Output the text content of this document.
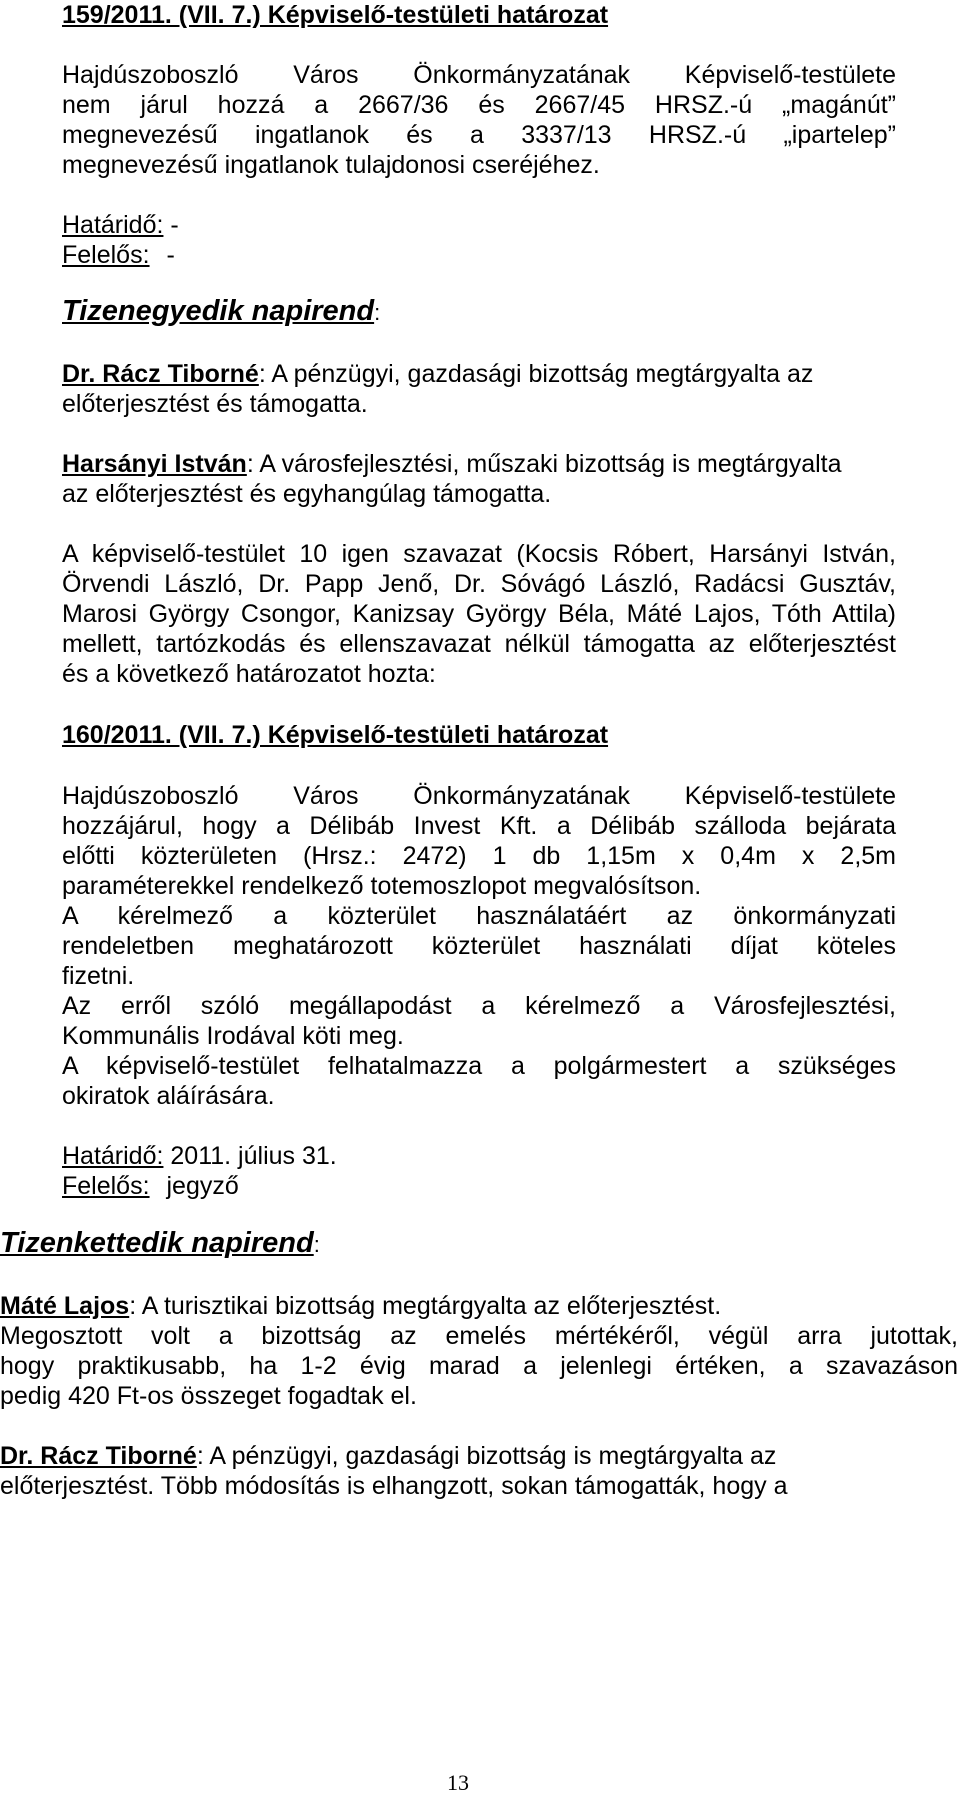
159/2011. (VII. 7.) Képviselő-testületi határozat
Hajdúszoboszló Város Önkormányzatának Képviselő-testülete
nem járul hozzá a 2667/36 és 2667/45 HRSZ.-ú „magánút”
megnevezésű ingatlanok és a 3337/13 HRSZ.-ú „ipartelep”
megnevezésű ingatlanok tulajdonosi cseréjéhez.
Határidő: -
Felelős: -
Tizenegyedik napirend:
Dr. Rácz Tiborné: A pénzügyi, gazdasági bizottság megtárgyalta az
előterjesztést és támogatta.
Harsányi István: A városfejlesztési, műszaki bizottság is megtárgyalta
az előterjesztést és egyhangúlag támogatta.
A képviselő-testület 10 igen szavazat (Kocsis Róbert, Harsányi István,
Örvendi László, Dr. Papp Jenő, Dr. Sóvágó László, Radácsi Gusztáv,
Marosi György Csongor, Kanizsay György Béla, Máté Lajos, Tóth Attila)
mellett, tartózkodás és ellenszavazat nélkül támogatta az előterjesztést
és a következő határozatot hozta:
160/2011. (VII. 7.) Képviselő-testületi határozat
Hajdúszoboszló Város Önkormányzatának Képviselő-testülete
hozzájárul, hogy a Délibáb Invest Kft. a Délibáb szálloda bejárata
előtti közterületen (Hrsz.: 2472) 1 db 1,15m x 0,4m x 2,5m
paraméterekkel rendelkező totemoszlopot megvalósítson.
A kérelmező a közterület használatáért az önkormányzati
rendeletben meghatározott közterület használati díjat köteles
fizetni.
Az erről szóló megállapodást a kérelmező a Városfejlesztési,
Kommunális Irodával köti meg.
A képviselő-testület felhatalmazza a polgármestert a szükséges
okiratok aláírására.
Határidő: 2011. július 31.
Felelős: jegyző
Tizenkettedik napirend:
Máté Lajos: A turisztikai bizottság megtárgyalta az előterjesztést.
Megosztott volt a bizottság az emelés mértékéről, végül arra jutottak,
hogy praktikusabb, ha 1-2 évig marad a jelenlegi értéken, a szavazáson
pedig 420 Ft-os összeget fogadtak el.
Dr. Rácz Tiborné: A pénzügyi, gazdasági bizottság is megtárgyalta az
előterjesztést. Több módosítás is elhangzott, sokan támogatták, hogy a
13
